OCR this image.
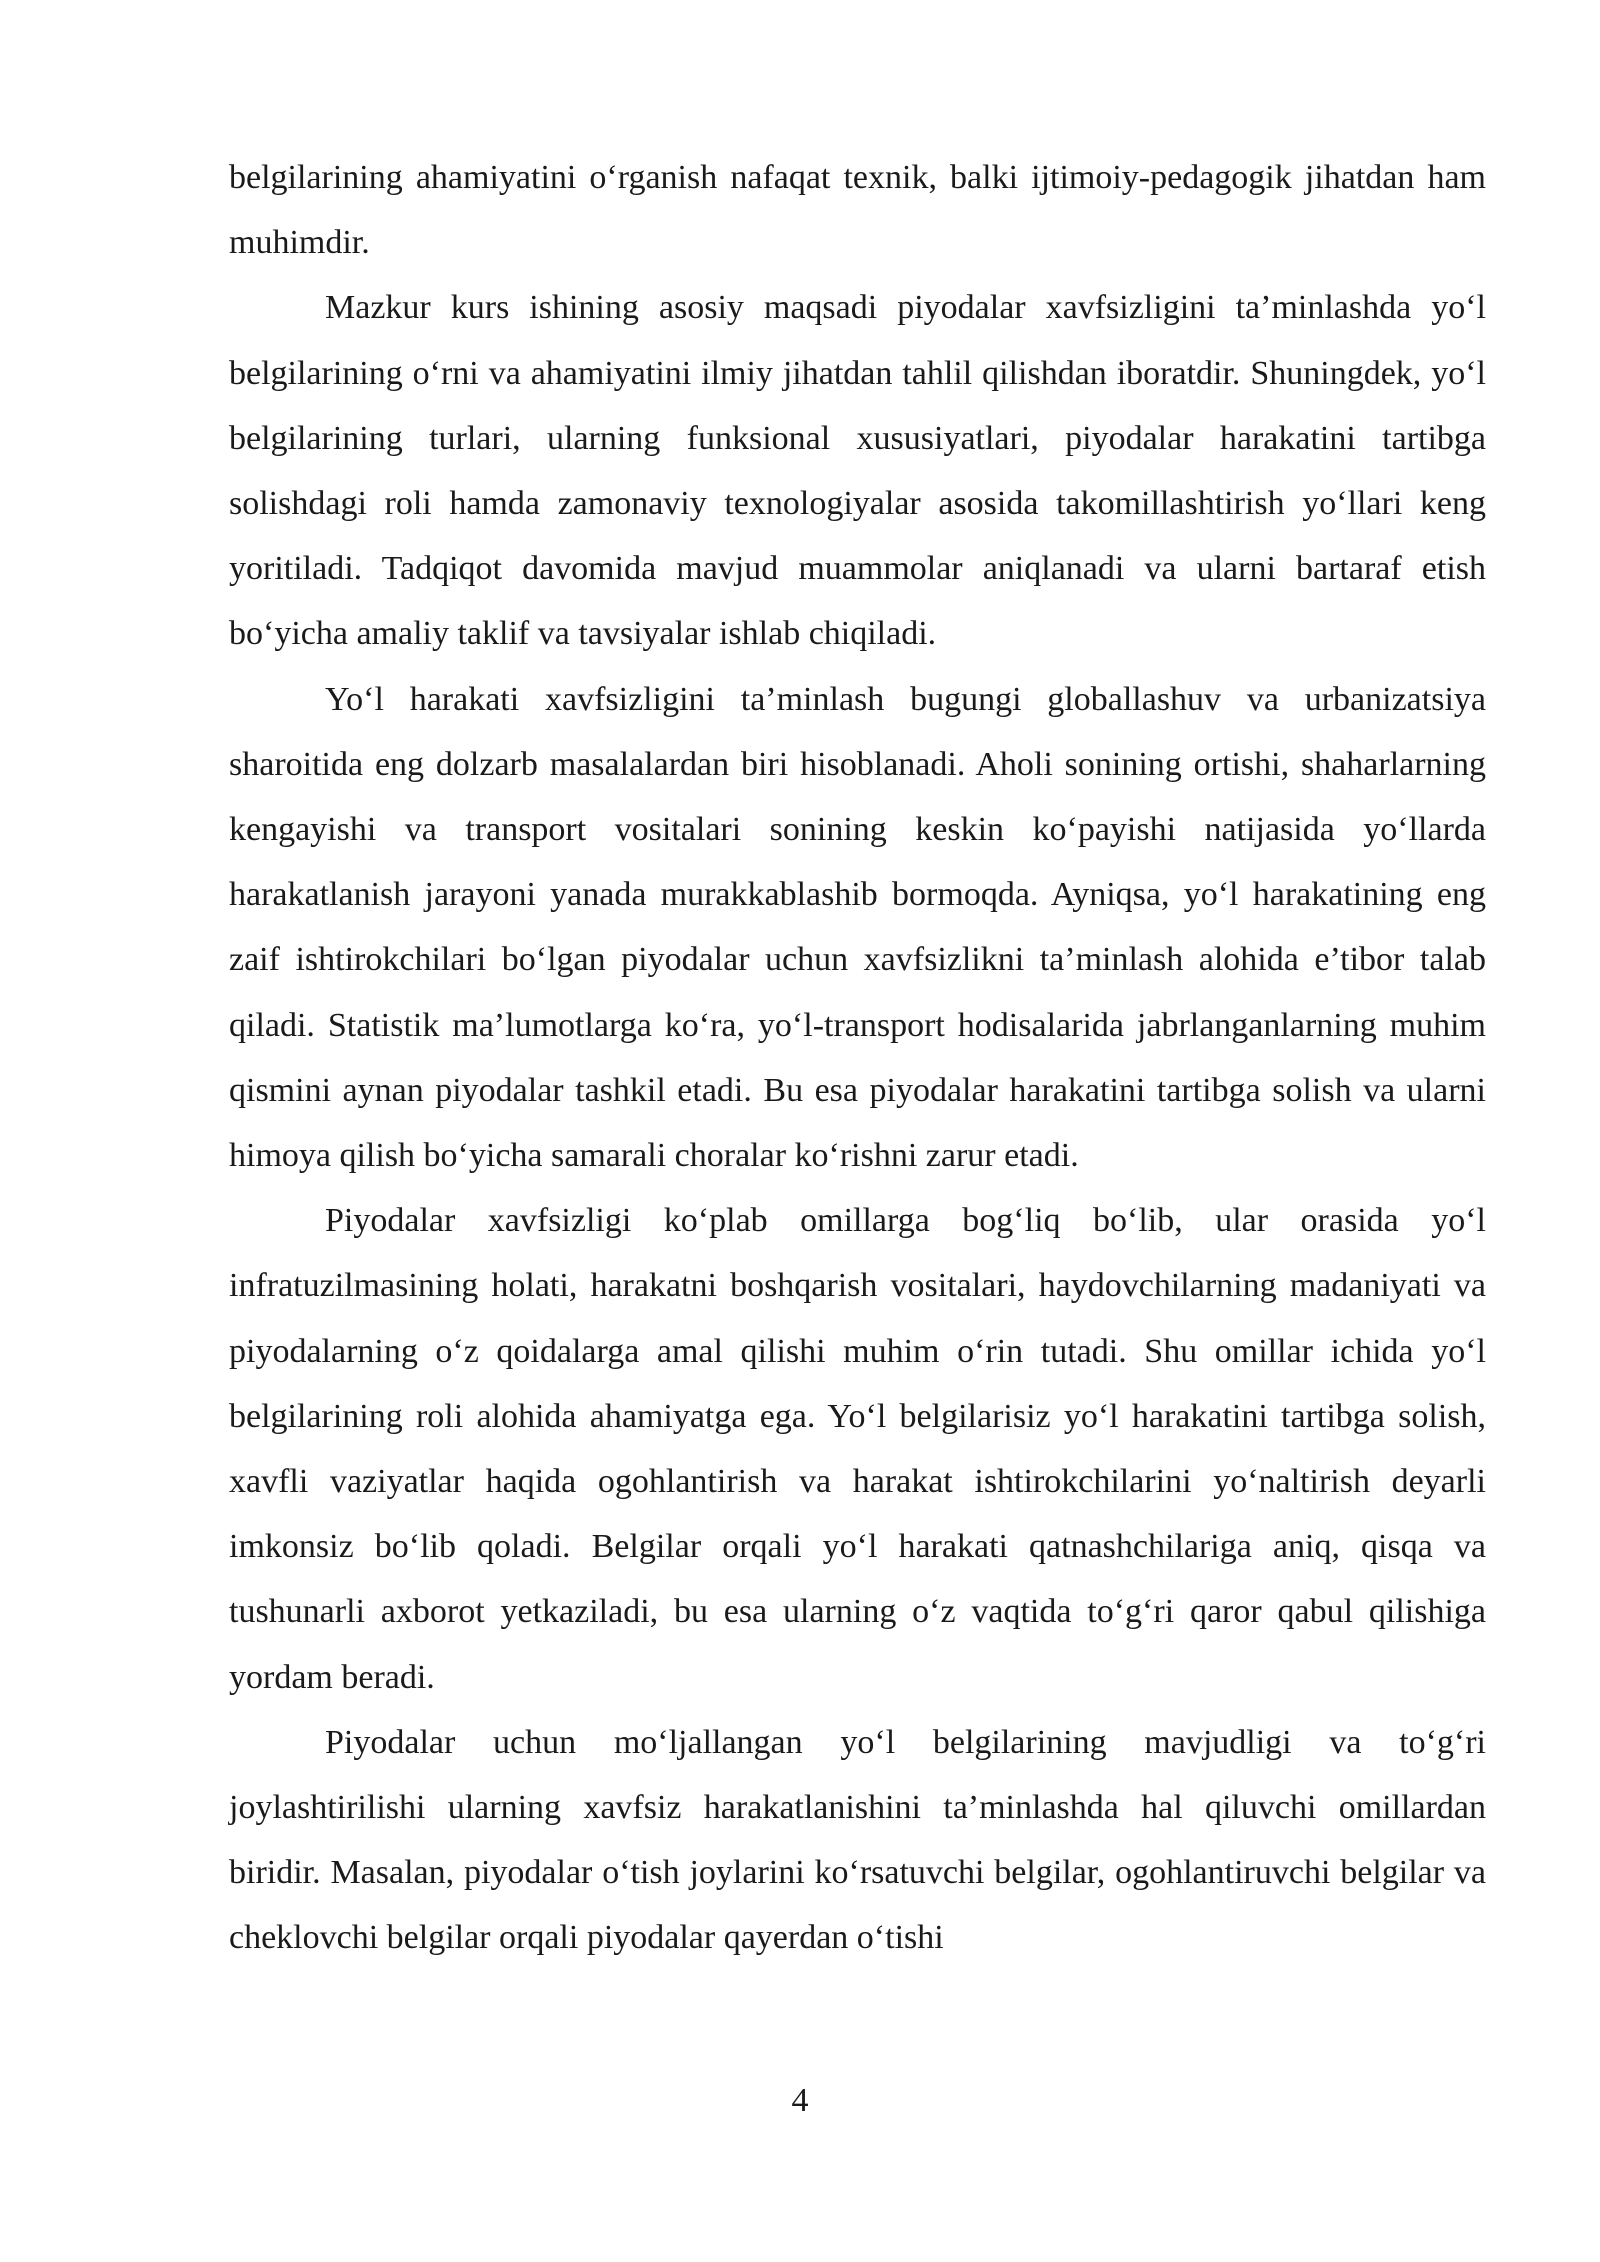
belgilarining ahamiyatini o‘rganish nafaqat texnik, balki ijtimoiy-pedagogik jihatdan ham muhimdir.

Mazkur kurs ishining asosiy maqsadi piyodalar xavfsizligini ta’minlashda yo‘l belgilarining o‘rni va ahamiyatini ilmiy jihatdan tahlil qilishdan iboratdir. Shuningdek, yo‘l belgilarining turlari, ularning funksional xususiyatlari, piyodalar harakatini tartibga solishdagi roli hamda zamonaviy texnologiyalar asosida takomillashtirish yo‘llari keng yoritiladi. Tadqiqot davomida mavjud muammolar aniqlanadi va ularni bartaraf etish bo‘yicha amaliy taklif va tavsiyalar ishlab chiqiladi.

Yo‘l harakati xavfsizligini ta’minlash bugungi globallashuv va urbanizatsiya sharoitida eng dolzarb masalalardan biri hisoblanadi. Aholi sonining ortishi, shaharlarning kengayishi va transport vositalari sonining keskin ko‘payishi natijasida yo‘llarda harakatlanish jarayoni yanada murakkablashib bormoqda. Ayniqsa, yo‘l harakatining eng zaif ishtirokchilari bo‘lgan piyodalar uchun xavfsizlikni ta’minlash alohida e’tibor talab qiladi. Statistik ma’lumotlarga ko‘ra, yo‘l-transport hodisalarida jabrlanganlarning muhim qismini aynan piyodalar tashkil etadi. Bu esa piyodalar harakatini tartibga solish va ularni himoya qilish bo‘yicha samarali choralar ko‘rishni zarur etadi.

Piyodalar xavfsizligi ko‘plab omillarga bog‘liq bo‘lib, ular orasida yo‘l infratuzilmasining holati, harakatni boshqarish vositalari, haydovchilarning madaniyati va piyodalarning o‘z qoidalarga amal qilishi muhim o‘rin tutadi. Shu omillar ichida yo‘l belgilarining roli alohida ahamiyatga ega. Yo‘l belgilarisiz yo‘l harakatini tartibga solish, xavfli vaziyatlar haqida ogohlantirish va harakat ishtirokchilarini yo‘naltirish deyarli imkonsiz bo‘lib qoladi. Belgilar orqali yo‘l harakati qatnashchilariga aniq, qisqa va tushunarli axborot yetkaziladi, bu esa ularning o‘z vaqtida to‘g‘ri qaror qabul qilishiga yordam beradi.

Piyodalar uchun mo‘ljallangan yo‘l belgilarining mavjudligi va to‘g‘ri joylashtirilishi ularning xavfsiz harakatlanishini ta’minlashda hal qiluvchi omillardan biridir. Masalan, piyodalar o‘tish joylarini ko‘rsatuvchi belgilar, ogohlantiruvchi belgilar va cheklovchi belgilar orqali piyodalar qayerdan o‘tishi

4
